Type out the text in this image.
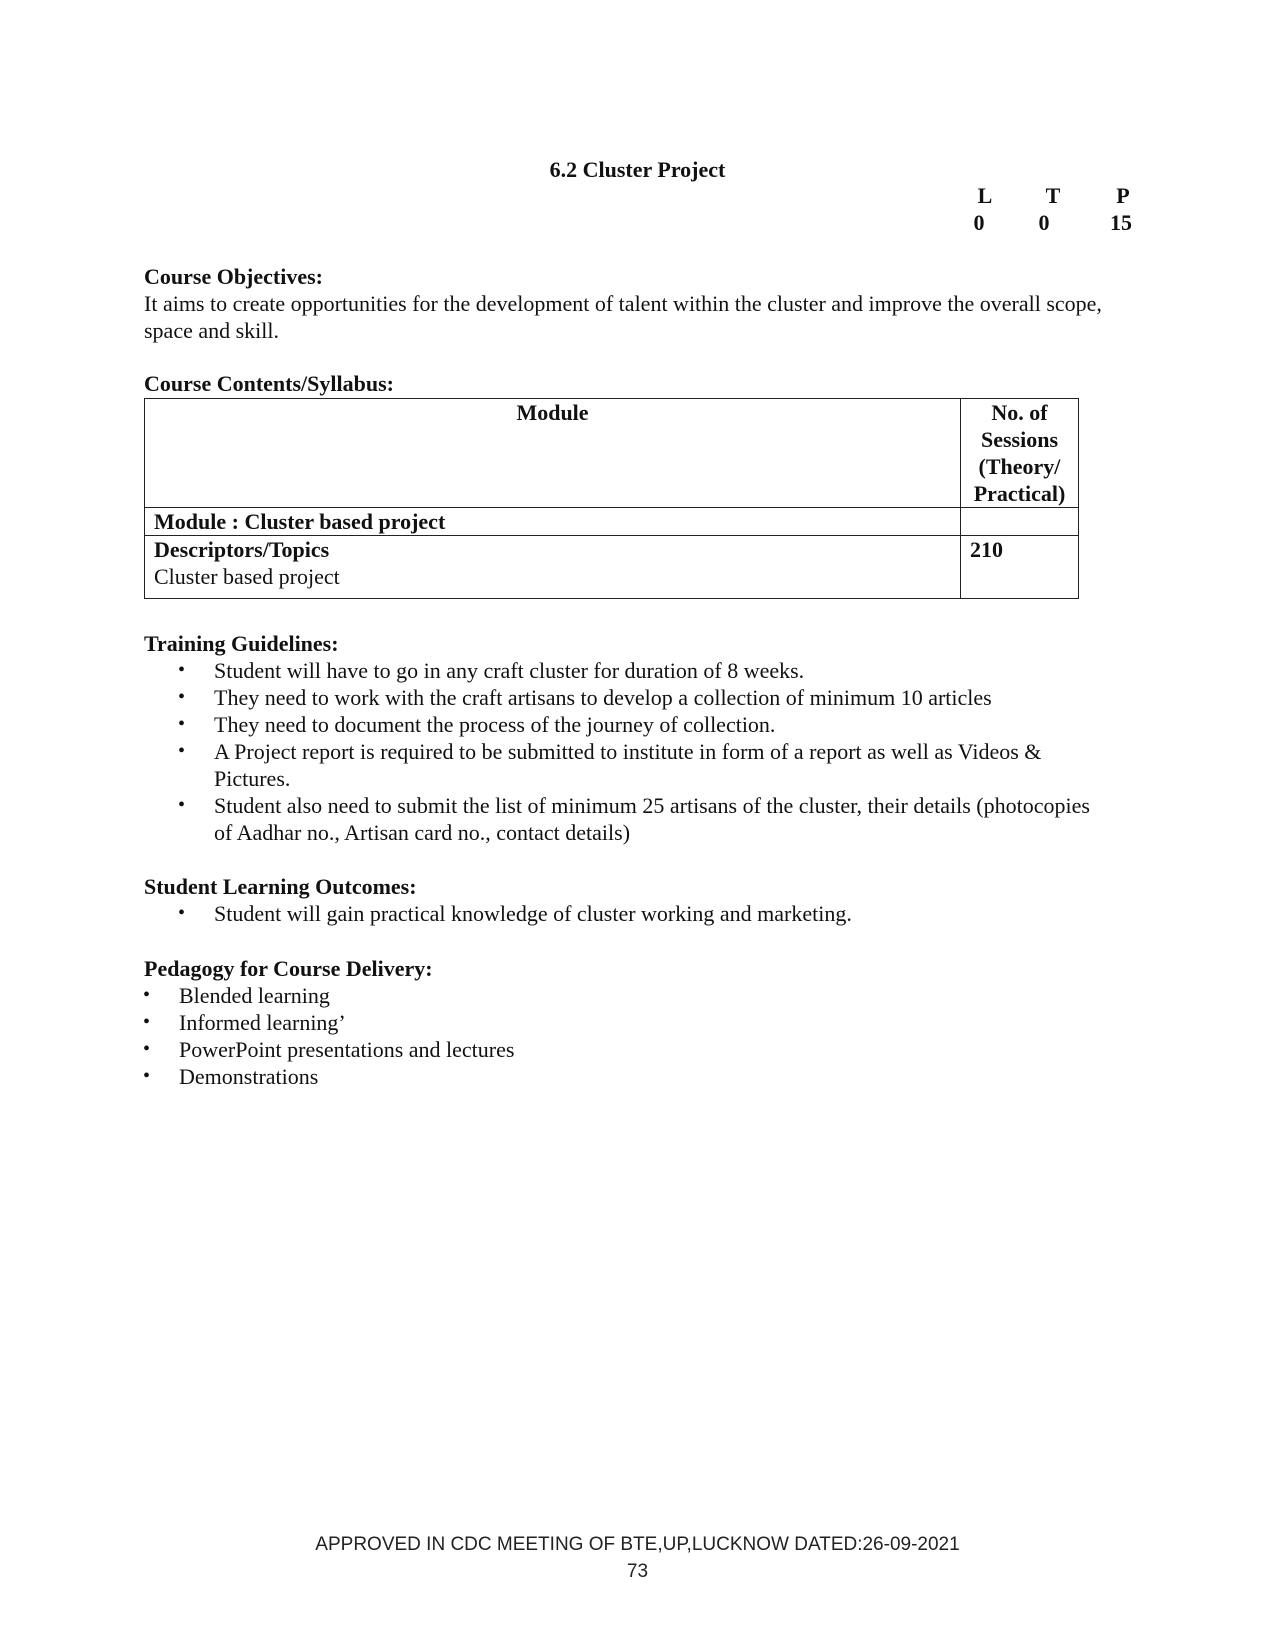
6.2 Cluster Project
L	T	P
0	0	15
Course Objectives:
It aims to create opportunities for the development of talent within the cluster and improve the overall scope, space and skill.
Course Contents/Syllabus:
Module	No. of Sessions (Theory/ Practical)
Module : Cluster based project	

Descriptors/Topics
Cluster based project	210
Training Guidelines:
• Student will have to go in any craft cluster for duration of 8 weeks.
• They need to work with the craft artisans to develop a collection of minimum 10 articles
• They need to document the process of the journey of collection.
• A Project report is required to be submitted to institute in form of a report as well as Videos & Pictures.
• Student also need to submit the list of minimum 25 artisans of the cluster, their details (photocopies of Aadhar no., Artisan card no., contact details)
Student Learning Outcomes:
• Student will gain practical knowledge of cluster working and marketing.
Pedagogy for Course Delivery:
• Blended learning
• Informed learning’
• PowerPoint presentations and lectures
• Demonstrations
APPROVED IN CDC MEETING OF BTE,UP,LUCKNOW DATED:26-09-2021
73
